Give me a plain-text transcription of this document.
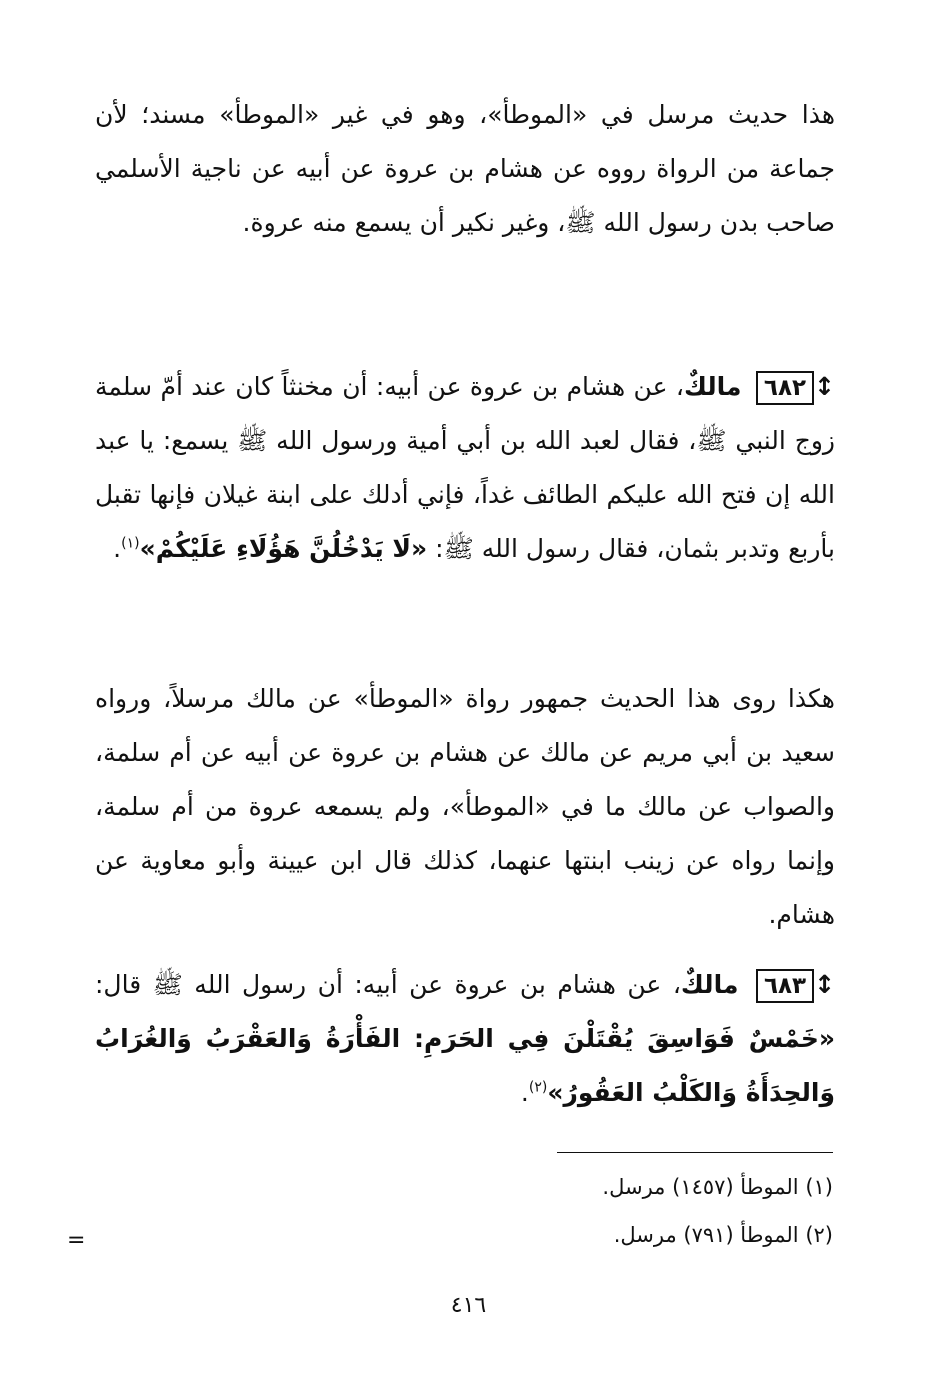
هذا حديث مرسل في «الموطأ»، وهو في غير «الموطأ» مسند؛ لأن جماعة من الرواة رووه عن هشام بن عروة عن أبيه عن ناجية الأسلمي صاحب بدن رسول الله ﷺ، وغير نكير أن يسمع منه عروة.

↕٦٨٢ مالكٌ، عن هشام بن عروة عن أبيه: أن مخنثاً كان عند أمّ سلمة زوج النبي ﷺ، فقال لعبد الله بن أبي أمية ورسول الله ﷺ يسمع: يا عبد الله إن فتح الله عليكم الطائف غداً، فإني أدلك على ابنة غيلان فإنها تقبل بأربع وتدبر بثمان، فقال رسول الله ﷺ: «لَا يَدْخُلُنَّ هَؤُلَاءِ عَلَيْكُمْ»$^{(١)}$.

هكذا روى هذا الحديث جمهور رواة «الموطأ» عن مالك مرسلاً، ورواه سعيد بن أبي مريم عن مالك عن هشام بن عروة عن أبيه عن أم سلمة، والصواب عن مالك ما في «الموطأ»، ولم يسمعه عروة من أم سلمة، وإنما رواه عن زينب ابنتها عنهما، كذلك قال ابن عيينة وأبو معاوية عن هشام.

↕٦٨٣ مالكٌ، عن هشام بن عروة عن أبيه: أن رسول الله ﷺ قال: «خَمْسٌ فَوَاسِقَ يُقْتَلْنَ فِي الحَرَمِ: الفَأْرَةُ وَالعَقْرَبُ وَالغُرَابُ وَالحِدَأَةُ وَالكَلْبُ العَقُورُ»$^{(٢)}$.

(١) الموطأ (١٤٥٧) مرسل.
(٢) الموطأ (٧٩١) مرسل.
=
٤١٦
